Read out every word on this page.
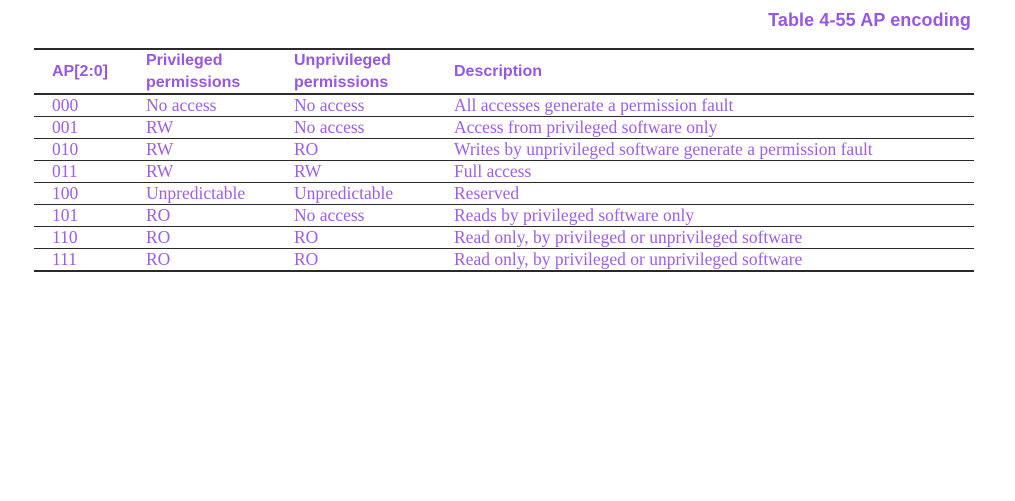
Table 4-55 AP encoding
AP[2:0]	Privileged permissions	Unprivileged permissions	Description
000	No access	No access	All accesses generate a permission fault
001	RW	No access	Access from privileged software only
010	RW	RO	Writes by unprivileged software generate a permission fault
011	RW	RW	Full access
100	Unpredictable	Unpredictable	Reserved
101	RO	No access	Reads by privileged software only
110	RO	RO	Read only, by privileged or unprivileged software
111	RO	RO	Read only, by privileged or unprivileged software
